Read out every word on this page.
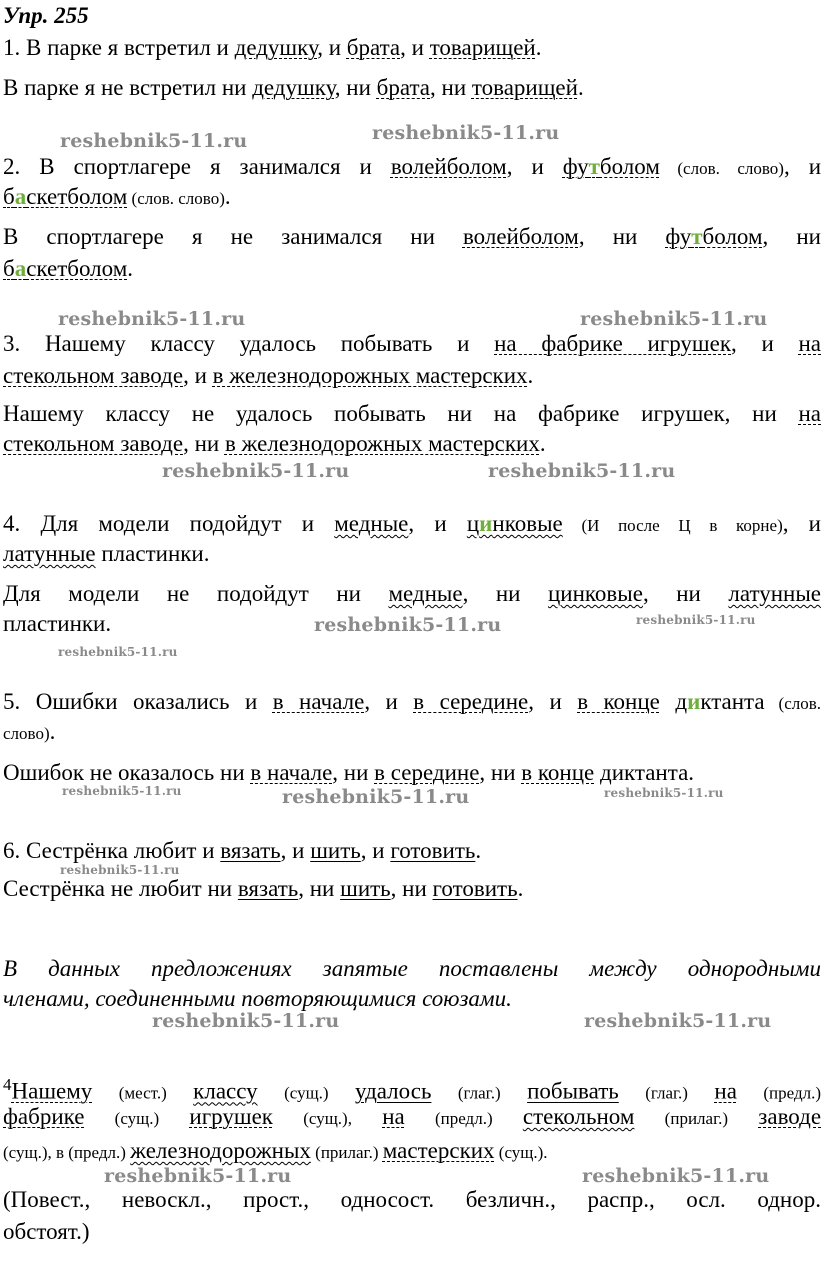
Упр. 255
1. В парке я встретил и дедушку, и брата, и товарищей.
В парке я не встретил ни дедушку, ни брата, ни товарищей.
2. В спортлагере я занимался и волейболом, и футболом (слов. слово), и
баскетболом (слов. слово).
В спортлагере я не занимался ни волейболом, ни футболом, ни
баскетболом.
3. Нашему классу удалось побывать и на фабрике игрушек, и на
стекольном заводе, и в железнодорожных мастерских.
Нашему классу не удалось побывать ни на фабрике игрушек, ни на
стекольном заводе, ни в железнодорожных мастерских.
4. Для модели подойдут и медные, и цинковые (И после Ц в корне), и
латунные пластинки.
Для модели не подойдут ни медные, ни цинковые, ни латунные
пластинки.
5. Ошибки оказались и в начале, и в середине, и в конце диктанта (слов.
слово).
Ошибок не оказалось ни в начале, ни в середине, ни в конце диктанта.
6. Сестрёнка любит и вязать, и шить, и готовить.
Сестрёнка не любит ни вязать, ни шить, ни готовить.
В данных предложениях запятые поставлены между однородными
членами, соединенными повторяющимися союзами.
$^4$Нашему (мест.) классу (сущ.) удалось (глаг.) побывать (глаг.) на (предл.)
фабрике (сущ.) игрушек (сущ.), на (предл.) стекольном (прилаг.) заводе
(сущ.), в (предл.) железнодорожных (прилаг.) мастерских (сущ.).
(Повест., невоскл., прост., односост. безличн., распр., осл. однор.
обстоят.)
reshebnik5-11.ru	reshebnik5-11.ru
reshebnik5-11.ru	reshebnik5-11.ru
reshebnik5-11.ru	reshebnik5-11.ru
reshebnik5-11.ru	reshebnik5-11.ru
reshebnik5-11.ru
reshebnik5-11.ru	reshebnik5-11.ru	reshebnik5-11.ru
reshebnik5-11.ru
reshebnik5-11.ru	reshebnik5-11.ru
reshebnik5-11.ru	reshebnik5-11.ru
